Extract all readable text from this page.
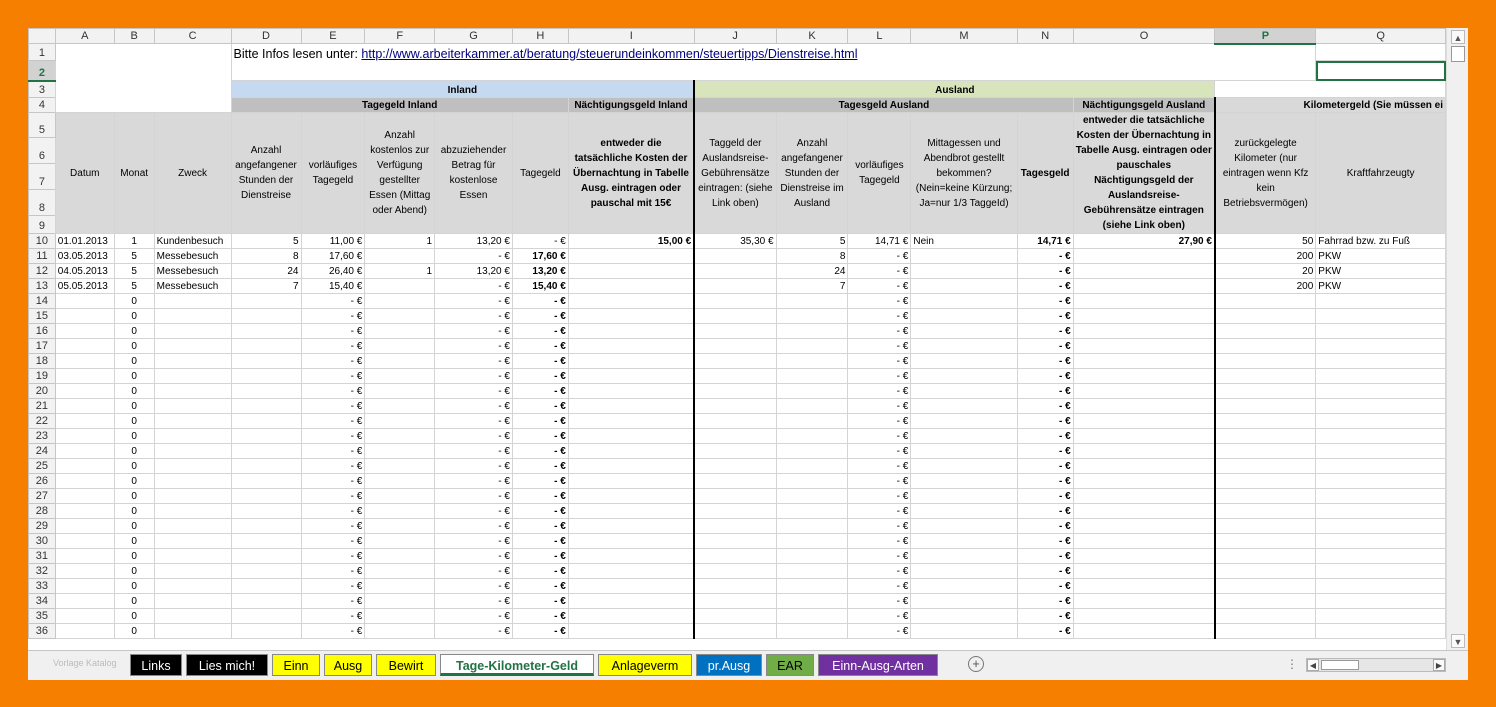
	A	B	C	D	E	F	G	H	I	J	K	L	M	N	O	P	Q
1				Bitte Infos lesen unter: http://www.arbeiterkammer.at/beratung/steuerundeinkommen/steuertipps/Dienstreise.html													
2																	
3				Inland						Ausland							
4				Tagegeld Inland					Nächtigungsgeld Inland	Tagesgeld Ausland					Nächtigungsgeld Ausland	Kilometergeld (Sie müssen ei	
5	Datum	Monat	Zweck	Anzahl angefangener Stunden der Dienstreise	vorläufiges Tagegeld	Anzahl kostenlos zur Verfügung gestellter Essen (Mittag oder Abend)	abzuziehender Betrag für kostenlose Essen	Tagegeld	entweder die tatsächliche Kosten der Übernachtung in Tabelle Ausg. eintragen oder pauschal mit 15€	Taggeld der Auslandsreise-Gebührensätze eintragen: (siehe Link oben)	Anzahl angefangener Stunden der Dienstreise im Ausland	vorläufiges Tagegeld	Mittagessen und Abendbrot gestellt bekommen? (Nein=keine Kürzung; Ja=nur 1/3 TaggeId)	Tagesgeld	entweder die tatsächliche Kosten der Übernachtung in Tabelle Ausg. eintragen oder pauschales Nächtigungsgeld der Auslandsreise-Gebührensätze eintragen (siehe Link oben)	zurückgelegte Kilometer (nur eintragen wenn Kfz kein Betriebsvermögen)	Kraftfahrzeugty
6																	
7																	
8																	
9																	
10	01.01.2013	1	Kundenbesuch	5	11,00 €	1	13,20 €	- €	15,00 €	35,30 €	5	14,71 €	Nein	14,71 €	27,90 €	50	Fahrrad bzw. zu Fuß
11	03.05.2013	5	Messebesuch	8	17,60 €		- €	17,60 €			8	- €		- €		200	PKW
12	04.05.2013	5	Messebesuch	24	26,40 €	1	13,20 €	13,20 €			24	- €		- €		20	PKW
13	05.05.2013	5	Messebesuch	7	15,40 €		- €	15,40 €			7	- €		- €		200	PKW
14		0			- €		- €	- €				- €		- €			
15		0			- €		- €	- €				- €		- €			
16		0			- €		- €	- €				- €		- €			
17		0			- €		- €	- €				- €		- €			
18		0			- €		- €	- €				- €		- €			
19		0			- €		- €	- €				- €		- €			
20		0			- €		- €	- €				- €		- €			
21		0			- €		- €	- €				- €		- €			
22		0			- €		- €	- €				- €		- €			
23		0			- €		- €	- €				- €		- €			
24		0			- €		- €	- €				- €		- €			
25		0			- €		- €	- €				- €		- €			
26		0			- €		- €	- €				- €		- €			
27		0			- €		- €	- €				- €		- €			
28		0			- €		- €	- €				- €		- €			
29		0			- €		- €	- €				- €		- €			
30		0			- €		- €	- €				- €		- €			
31		0			- €		- €	- €				- €		- €			
32		0			- €		- €	- €				- €		- €			
33		0			- €		- €	- €				- €		- €			
34		0			- €		- €	- €				- €		- €			
35		0			- €		- €	- €				- €		- €			
36		0			- €		- €	- €				- €		- €			
▲
▼
Vorlage Katalog	Links	Lies mich!	Einn	Ausg	Bewirt	Tage-Kilometer-Geld	Anlageverm	pr.Ausg	EAR	Einn-Ausg-Arten	+	⋮	◀	▶
